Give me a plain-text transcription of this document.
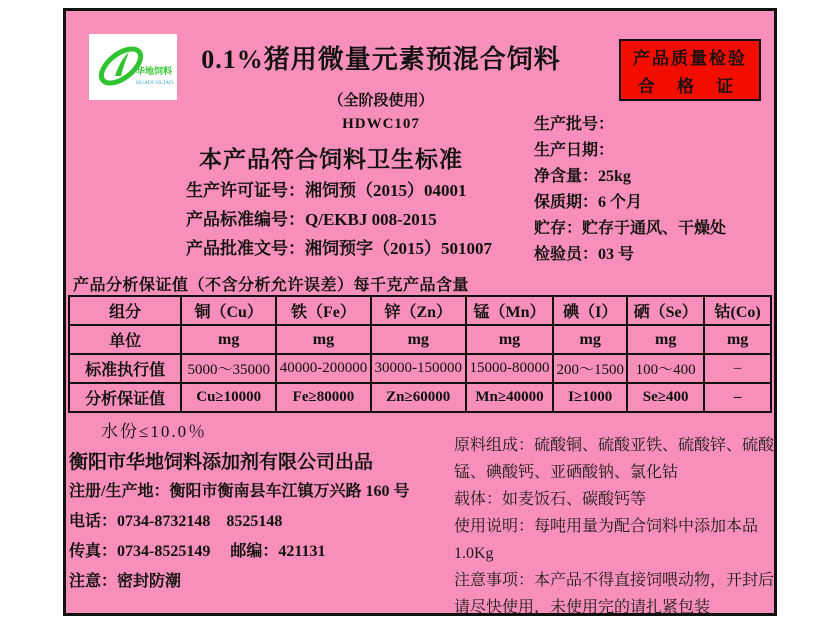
华地饲料
HUADI SILIAO
0.1%猪用微量元素预混合饲料
（全阶段使用）
HDWC107
产品质量检验
合 格 证
本产品符合饲料卫生标准
生产许可证号：湘饲预（2015）04001
产品标准编号：Q/EKBJ 008-2015
产品批准文号：湘饲预字（2015）501007
生产批号：
生产日期：
净含量：25kg
保质期：6 个月
贮存：贮存于通风、干燥处
检验员：03 号
产品分析保证值（不含分析允许误差）每千克产品含量
组分	铜（Cu）	铁（Fe）	锌（Zn）	锰（Mn）	碘（I）	硒（Se）	钴(Co)
单位	mg	mg	mg	mg	mg	mg	mg
标准执行值	5000～35000	40000-200000	30000-150000	15000-80000	200～1500	100～400	–
分析保证值	Cu≥10000	Fe≥80000	Zn≥60000	Mn≥40000	I≥1000	Se≥400	–
水份≤10.0％
衡阳市华地饲料添加剂有限公司出品
注册/生产地：衡阳市衡南县车江镇万兴路 160 号
电话：0734-8732148　8525148
传真：0734-8525149　 邮编：421131
注意：密封防潮

原料组成：硫酸铜、硫酸亚铁、硫酸锌、硫酸锰、碘酸钙、亚硒酸钠、氯化钴

载体：如麦饭石、碳酸钙等

使用说明：每吨用量为配合饲料中添加本品 1.0Kg

注意事项：本产品不得直接饲喂动物，开封后请尽快使用，未使用完的请扎紧包装
